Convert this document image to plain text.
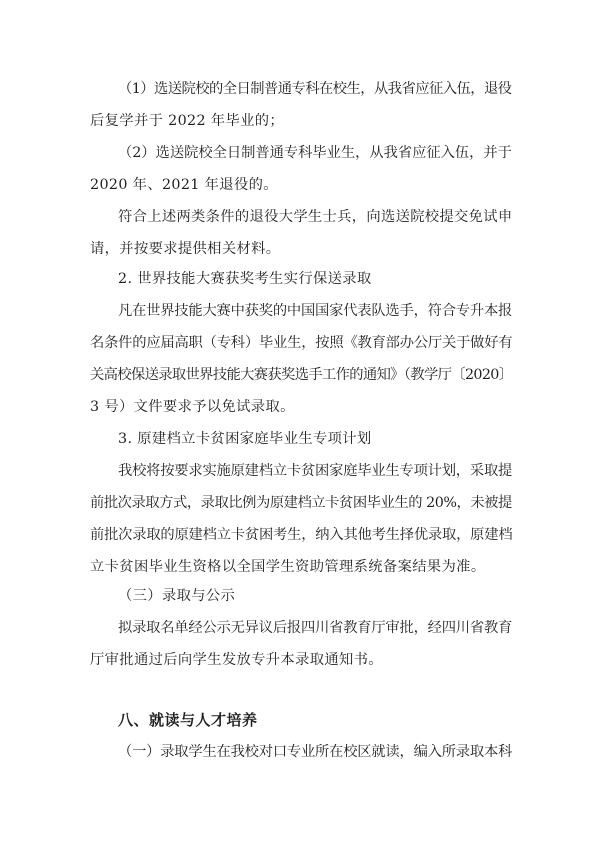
（1）选送院校的全日制普通专科在校生，从我省应征入伍，退役
后复学并于 2022 年毕业的；
（2）选送院校全日制普通专科毕业生，从我省应征入伍，并于
2020 年、2021 年退役的。
符合上述两类条件的退役大学生士兵，向选送院校提交免试申
请，并按要求提供相关材料。
2. 世界技能大赛获奖考生实行保送录取
凡在世界技能大赛中获奖的中国国家代表队选手，符合专升本报
名条件的应届高职（专科）毕业生，按照《教育部办公厅关于做好有
关高校保送录取世界技能大赛获奖选手工作的通知》（教学厅〔2020〕
3 号）文件要求予以免试录取。
3. 原建档立卡贫困家庭毕业生专项计划
我校将按要求实施原建档立卡贫困家庭毕业生专项计划，采取提
前批次录取方式，录取比例为原建档立卡贫困毕业生的 20%，未被提
前批次录取的原建档立卡贫困考生，纳入其他考生择优录取，原建档
立卡贫困毕业生资格以全国学生资助管理系统备案结果为准。
（三）录取与公示
拟录取名单经公示无异议后报四川省教育厅审批，经四川省教育
厅审批通过后向学生发放专升本录取通知书。
八、就读与人才培养
（一）录取学生在我校对口专业所在校区就读，编入所录取本科
